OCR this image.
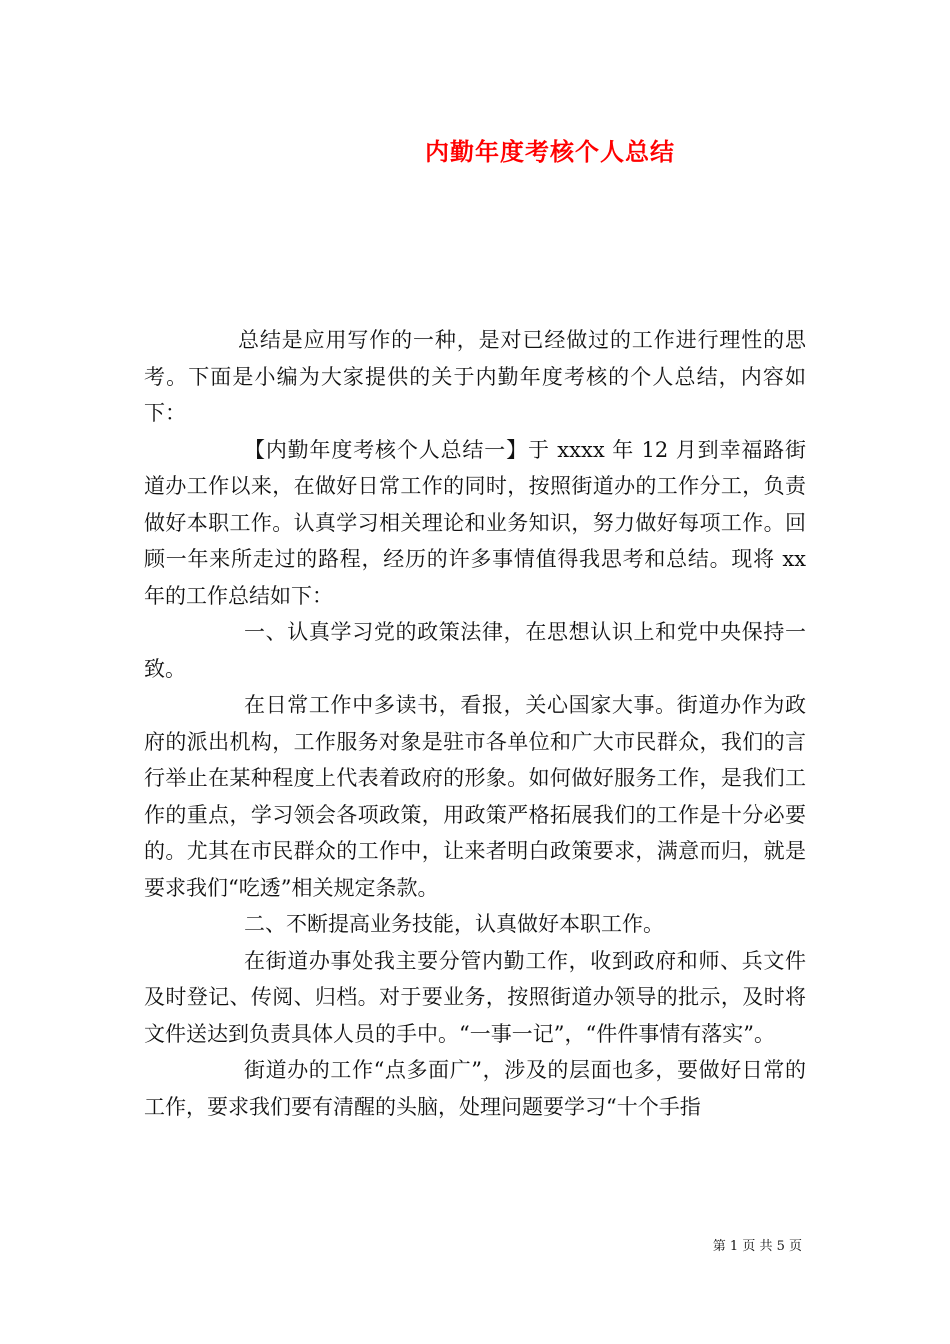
内勤年度考核个人总结

总结是应用写作的一种，是对已经做过的工作进行理性的思考。下面是小编为大家提供的关于内勤年度考核的个人总结，内容如下：

【内勤年度考核个人总结一】于 xxxx 年 12 月到幸福路街道办工作以来，在做好日常工作的同时，按照街道办的工作分工，负责做好本职工作。认真学习相关理论和业务知识，努力做好每项工作。回顾一年来所走过的路程，经历的许多事情值得我思考和总结。现将 xx 年的工作总结如下：

一、认真学习党的政策法律，在思想认识上和党中央保持一致。

在日常工作中多读书，看报，关心国家大事。街道办作为政府的派出机构，工作服务对象是驻市各单位和广大市民群众，我们的言行举止在某种程度上代表着政府的形象。如何做好服务工作，是我们工作的重点，学习领会各项政策，用政策严格拓展我们的工作是十分必要的。尤其在市民群众的工作中，让来者明白政策要求，满意而归，就是要求我们“吃透”相关规定条款。

二、不断提高业务技能，认真做好本职工作。

在街道办事处我主要分管内勤工作，收到政府和师、兵文件及时登记、传阅、归档。对于要业务，按照街道办领导的批示，及时将文件送达到负责具体人员的手中。“一事一记”，“件件事情有落实”。

街道办的工作“点多面广”，涉及的层面也多，要做好日常的工作，要求我们要有清醒的头脑，处理问题要学习“十个手指

第 1 页 共 5 页
